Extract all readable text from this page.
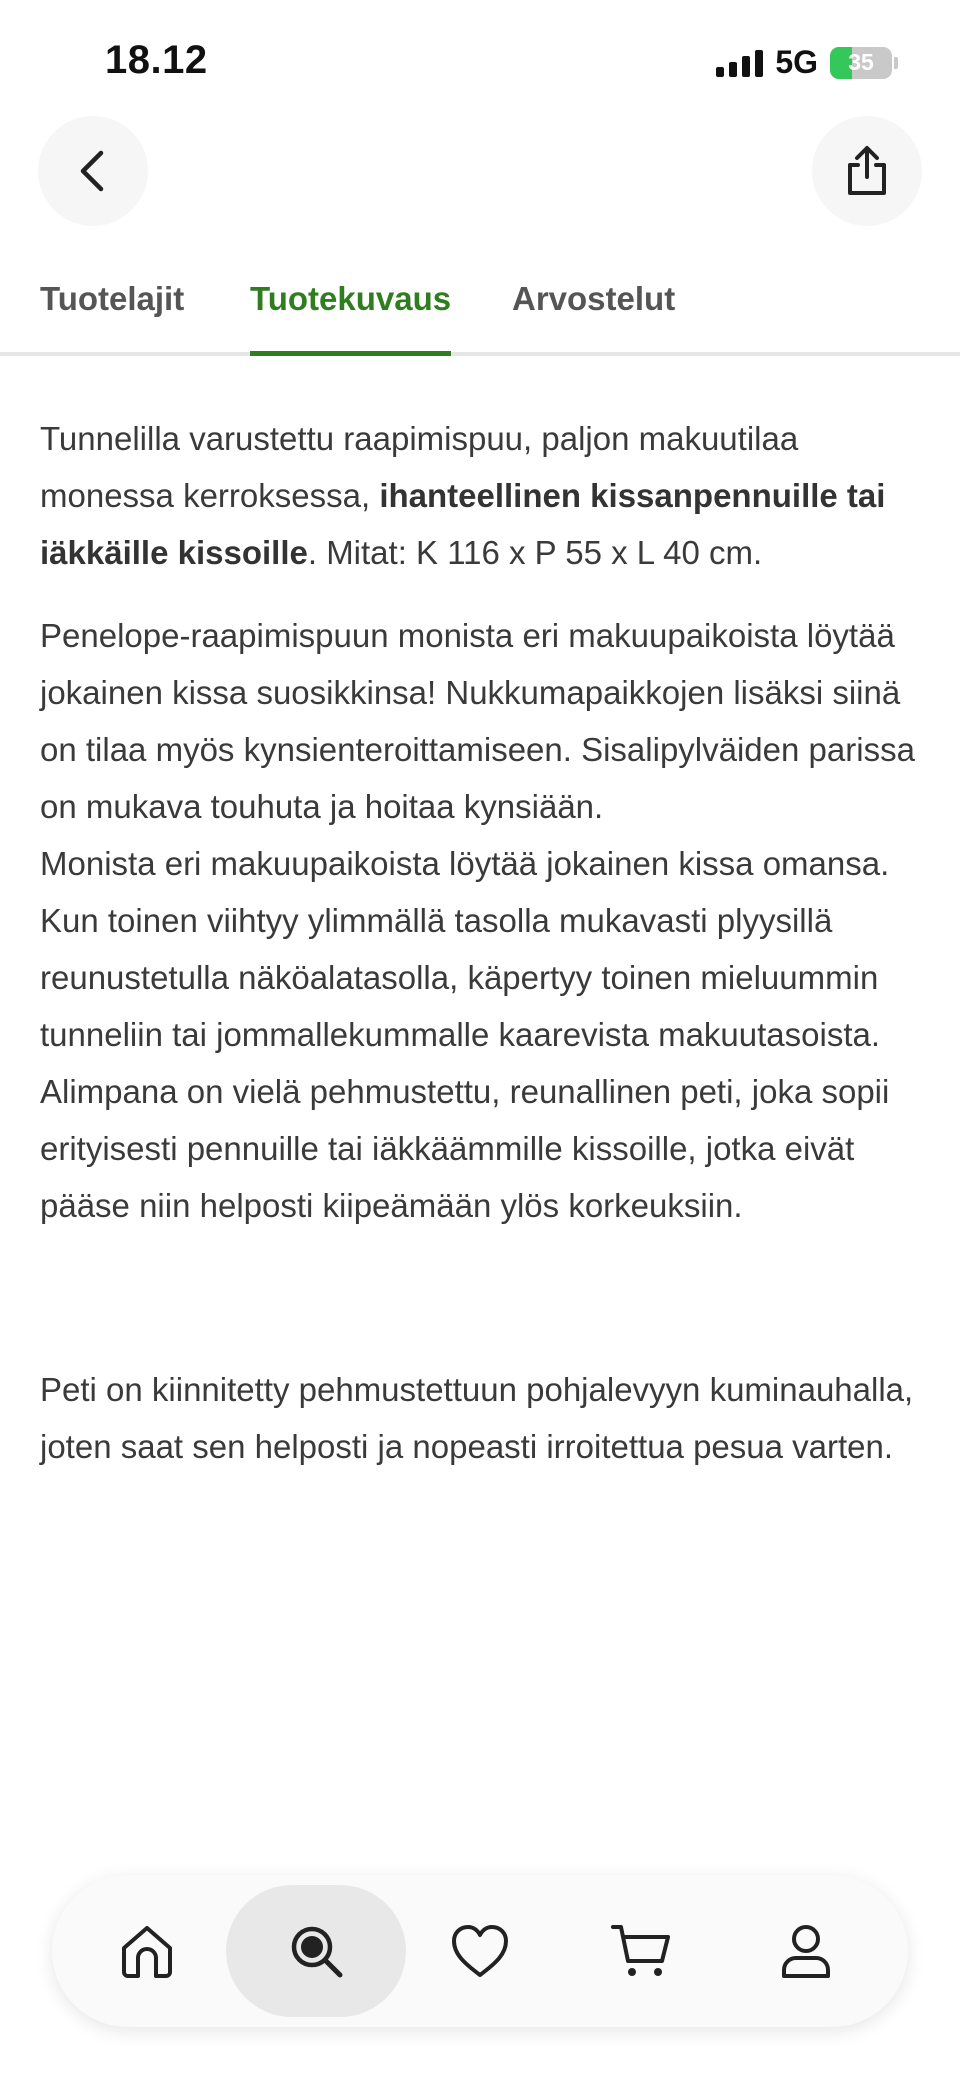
18.12	5G	35
Tuotelajit Tuotekuvaus Arvostelut

Tunnelilla varustettu raapimispuu, paljon makuutilaa monessa kerroksessa, ihanteellinen kissanpennuille tai iäkkäille kissoille. Mitat: K 116 x P 55 x L 40 cm.

Penelope-raapimispuun monista eri makuupaikoista löytää jokainen kissa suosikkinsa! Nukkumapaikkojen lisäksi siinä on tilaa myös kynsienteroittamiseen. Sisalipylväiden parissa on mukava touhuta ja hoitaa kynsiään.

Monista eri makuupaikoista löytää jokainen kissa omansa. Kun toinen viihtyy ylimmällä tasolla mukavasti plyysillä reunustetulla näköalatasolla, käpertyy toinen mieluummin tunneliin tai jommallekummalle kaarevista makuutasoista. Alimpana on vielä pehmustettu, reunallinen peti, joka sopii erityisesti pennuille tai iäkkäämmille kissoille, jotka eivät pääse niin helposti kiipeämään ylös korkeuksiin.

Peti on kiinnitetty pehmustettuun pohjalevyyn kuminauhalla, joten saat sen helposti ja nopeasti irroitettua pesua varten.
